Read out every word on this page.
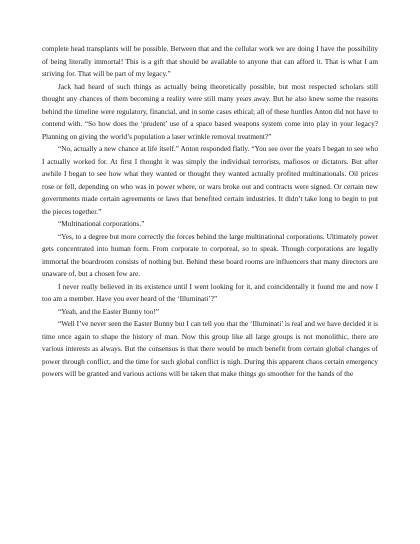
complete head transplants will be possible. Between that and the cellular work we are doing I have the possibility of being literally immortal! This is a gift that should be available to anyone that can afford it. That is what I am striving for. That will be part of my legacy.”

Jack had heard of such things as actually being theoretically possible, but most respected scholars still thought any chances of them becoming a reality were still many years away. But he also knew some the reasons behind the timeline were regulatory, financial, and in some cases ethical; all of these hurdles Anton did not have to contend with. “So how does the ‘prudent’ use of a space based weapons system come into play in your legacy? Planning on giving the world’s population a laser wrinkle removal treatment?”

“No, actually a new chance at life itself.” Anton responded flatly. “You see over the years I began to see who I actually worked for. At first I thought it was simply the individual terrorists, mafiosos or dictators. But after awhile I began to see how what they wanted or thought they wanted actually profited multinationals. Oil prices rose or fell, depending on who was in power where, or wars broke out and contracts were signed. Or certain new governments made certain agreements or laws that benefited certain industries. It didn’t take long to begin to put the pieces together.”

“Multinational corporations.”

“Yes, to a degree but more correctly the forces behind the large multinational corporations. Ultimately power gets concentrated into human form. From corporate to corporeal, so to speak. Though corporations are legally immortal the boardroom consists of nothing but. Behind these board rooms are influencers that many directors are unaware of, but a chosen few are.

I never really believed in its existence until I went looking for it, and coincidentally it found me and now I too am a member. Have you ever heard of the ‘Illuminati’?”

“Yeah, and the Easter Bunny too!”

“Well I’ve never seen the Easter Bunny but I can tell you that the ‘Illuminati’ is real and we have decided it is time once again to shape the history of man. Now this group like all large groups is not monolithic, there are various interests as always. But the consensus is that there would be much benefit from certain global changes of power through conflict, and the time for such global conflict is nigh. During this apparent chaos certain emergency powers will be granted and various actions will be taken that make things go smoother for the hands of the
